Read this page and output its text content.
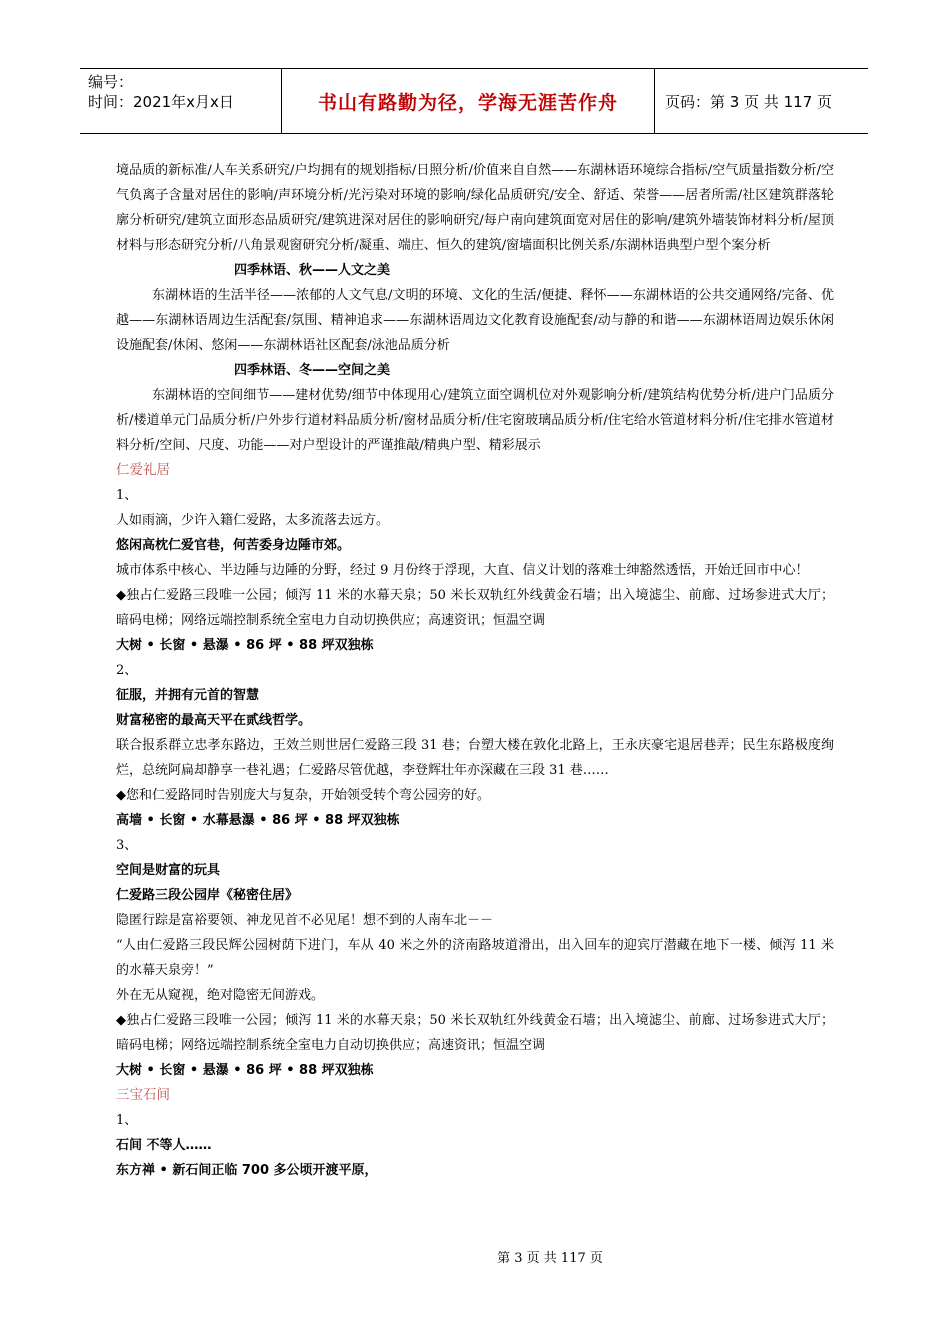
编号：
时间：2021年x月x日	书山有路勤为径，学海无涯苦作舟	页码：第 3 页 共 117 页

境品质的新标准/人车关系研究/户均拥有的规划指标/日照分析/价值来自自然——东湖林语环境综合指标/空气质量指数分析/空气负离子含量对居住的影响/声环境分析/光污染对环境的影响/绿化品质研究/安全、舒适、荣誉——居者所需/社区建筑群落轮廓分析研究/建筑立面形态品质研究/建筑进深对居住的影响研究/每户南向建筑面宽对居住的影响/建筑外墙装饰材料分析/屋顶材料与形态研究分析/八角景观窗研究分析/凝重、端庄、恒久的建筑/窗墙面积比例关系/东湖林语典型户型个案分析

四季林语、秋——人文之美

东湖林语的生活半径——浓郁的人文气息/文明的环境、文化的生活/便捷、释怀——东湖林语的公共交通网络/完备、优越——东湖林语周边生活配套/氛围、精神追求——东湖林语周边文化教育设施配套/动与静的和谐——东湖林语周边娱乐休闲设施配套/休闲、悠闲——东湖林语社区配套/泳池品质分析

四季林语、冬——空间之美

东湖林语的空间细节——建材优势/细节中体现用心/建筑立面空调机位对外观影响分析/建筑结构优势分析/进户门品质分析/楼道单元门品质分析/户外步行道材料品质分析/窗材品质分析/住宅窗玻璃品质分析/住宅给水管道材料分析/住宅排水管道材料分析/空间、尺度、功能——对户型设计的严谨推敲/精典户型、精彩展示

仁爱礼居

1、

人如雨滴，少许入籍仁爱路，太多流落去远方。

悠闲高枕仁爱官巷，何苦委身边陲市郊。

城市体系中核心、半边陲与边陲的分野，经过 9 月份终于浮现，大直、信义计划的落难士绅豁然透悟，开始迁回市中心！

◆独占仁爱路三段唯一公园；倾泻 11 米的水幕天泉；50 米长双轨红外线黄金石墙；出入境滤尘、前廊、过场参进式大厅；暗码电梯；网络远端控制系统全室电力自动切换供应；高速资讯；恒温空调

大树 • 长窗 • 悬瀑 • 86 坪 • 88 坪双独栋

2、

征服，并拥有元首的智慧

财富秘密的最高天平在贰线哲学。

联合报系群立忠孝东路边，王效兰则世居仁爱路三段 31 巷；台塑大楼在敦化北路上，王永庆豪宅退居巷弄；民生东路极度绚烂，总统阿扁却静享一巷礼遇；仁爱路尽管优越，李登辉壮年亦深藏在三段 31 巷……

◆您和仁爱路同时告别庞大与复杂，开始领受转个弯公园旁的好。

高墙 • 长窗 • 水幕悬瀑 • 86 坪 • 88 坪双独栋

3、

空间是财富的玩具

仁爱路三段公园岸《秘密住居》

隐匿行踪是富裕要领、神龙见首不必见尾！想不到的人南车北－－

“人由仁爱路三段民辉公园树荫下进门，车从 40 米之外的济南路坡道滑出，出入回车的迎宾厅潜藏在地下一楼、倾泻 11 米的水幕天泉旁！”

外在无从窥视，绝对隐密无间游戏。

◆独占仁爱路三段唯一公园；倾泻 11 米的水幕天泉；50 米长双轨红外线黄金石墙；出入境滤尘、前廊、过场参进式大厅；暗码电梯；网络远端控制系统全室电力自动切换供应；高速资讯；恒温空调

大树 • 长窗 • 悬瀑 • 86 坪 • 88 坪双独栋

三宝石间

1、

石间 不等人……

东方禅 • 新石间正临 700 多公顷开渡平原，

第 3 页 共 117 页
